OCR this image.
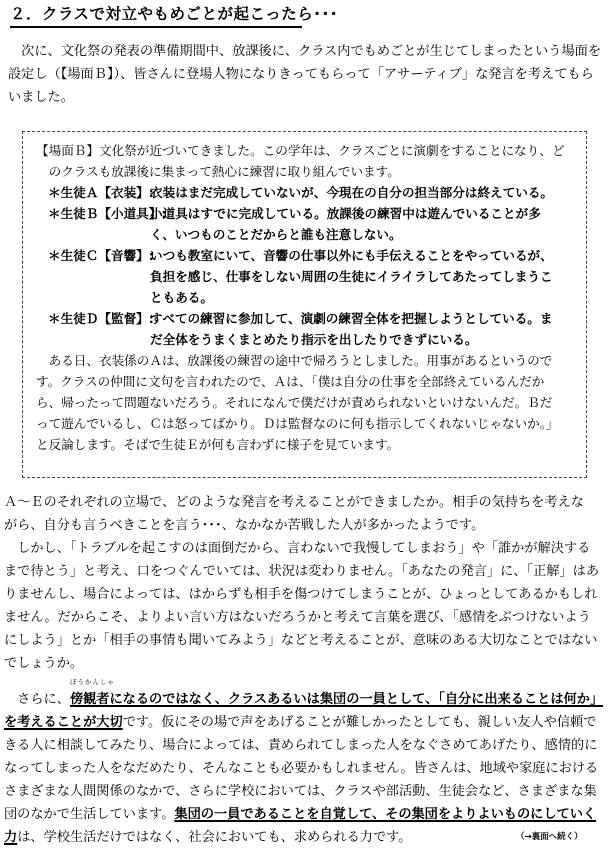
２．クラスで対立やもめごとが起こったら･･･
　次に、文化祭の発表の準備期間中、放課後に、クラス内でもめごとが生じてしまったという場面を
設定し（【場面Ｂ】）、皆さんに登場人物になりきってもらって「アサーティブ」な発言を考えてもら
いました。
【場面Ｂ】文化祭が近づいてきました。この学年は、クラスごとに演劇をすることになり、ど
　のクラスも放課後に集まって熱心に練習に取り組んでいます。
＊生徒Ａ【衣装】:
衣装はまだ完成していないが、今現在の自分の担当部分は終えている。
＊生徒Ｂ【小道具】:
小道具はすでに完成している。放課後の練習中は遊んでいることが多
く、いつものことだからと誰も注意しない。
＊生徒Ｃ【音響】:
いつも教室にいて、音響の仕事以外にも手伝えることをやっているが、
負担を感じ、仕事をしない周囲の生徒にイライラしてあたってしまうこ
ともある。
＊生徒Ｄ【監督】:
すべての練習に参加して、演劇の練習全体を把握しようとしている。ま
だ全体をうまくまとめたり指示を出したりできずにいる。
　ある日、衣装係のＡは、放課後の練習の途中で帰ろうとしました。用事があるというので
す。クラスの仲間に文句を言われたので、Ａは、「僕は自分の仕事を全部終えているんだか
ら、帰ったって問題ないだろう。それになんで僕だけが責められないといけないんだ。Ｂだ
って遊んでいるし、Ｃは怒ってばかり。Ｄは監督なのに何も指示してくれないじゃないか。」
と反論します。そばで生徒Ｅが何も言わずに様子を見ています。
Ａ～Ｅのそれぞれの立場で、どのような発言を考えることができましたか。相手の気持ちを考えな
がら、自分も言うべきことを言う･･･、なかなか苦戦した人が多かったようです。
　しかし、「トラブルを起こすのは面倒だから、言わないで我慢してしまおう」や「誰かが解決する
まで待とう」と考え、口をつぐんでいては、状況は変わりません。「あなたの発言」に、「正解」はあ
りませんし、場合によっては、はからずも相手を傷つけてしまうことが、ひょっとしてあるかもしれ
ません。だからこそ、よりよい言い方はないだろうかと考えて言葉を選び、「感情をぶつけないよう
にしよう」とか「相手の事情も聞いてみよう」などと考えることが、意味のある大切なことではない
でしょうか。
　さらに、
ぼうかんしゃ
傍観者になるのではなく、クラスあるいは集団の一員として、「自分に出来ることは何か」
を考えることが大切です。仮にその場で声をあげることが難しかったとしても、親しい友人や信頼で
きる人に相談してみたり、場合によっては、責められてしまった人をなぐさめてあげたり、感情的に
なってしまった人をなだめたり、そんなことも必要かもしれません。皆さんは、地域や家庭における
さまざまな人間関係のなかで、さらに学校においては、クラスや部活動、生徒会など、さまざまな集
団のなかで生活しています。集団の一員であることを自覚して、その集団をよりよいものにしていく
力は、学校生活だけではなく、社会においても、求められる力です。	（→裏面へ続く）
